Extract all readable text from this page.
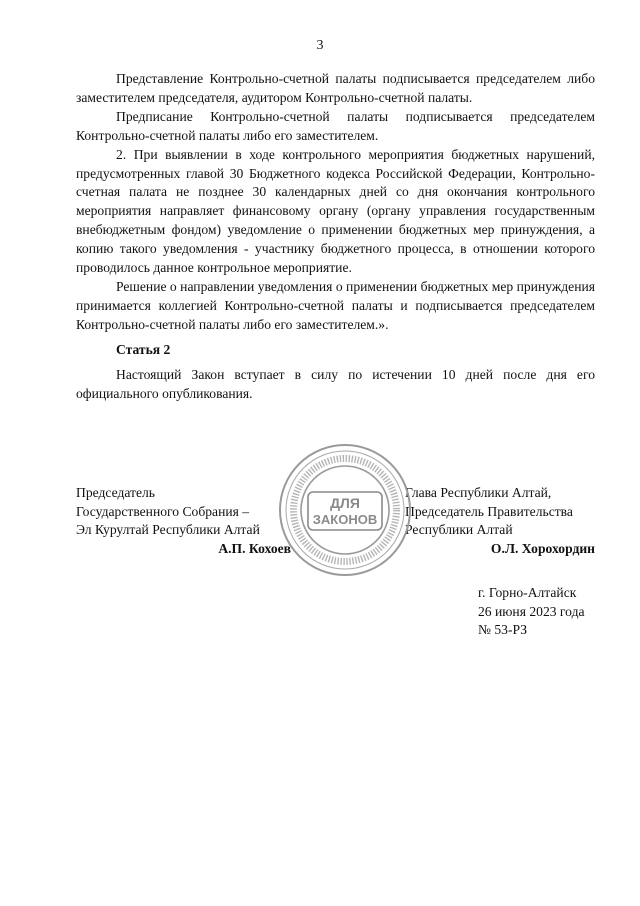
3

Представление Контрольно-счетной палаты подписывается председателем либо заместителем председателя, аудитором Контрольно-счетной палаты.

Предписание Контрольно-счетной палаты подписывается председателем Контрольно-счетной палаты либо его заместителем.

2. При выявлении в ходе контрольного мероприятия бюджетных нарушений, предусмотренных главой 30 Бюджетного кодекса Российской Федерации, Контрольно-счетная палата не позднее 30 календарных дней со дня окончания контрольного мероприятия направляет финансовому органу (органу управления государственным внебюджетным фондом) уведомление о применении бюджетных мер принуждения, а копию такого уведомления - участнику бюджетного процесса, в отношении которого проводилось данное контрольное мероприятие.

Решение о направлении уведомления о применении бюджетных мер принуждения принимается коллегией Контрольно-счетной палаты и подписывается председателем Контрольно-счетной палаты либо его заместителем.».

Статья 2

Настоящий Закон вступает в силу по истечении 10 дней после дня его официального опубликования.

Председатель
Государственного Собрания –
Эл Курултай Республики Алтай
А.П. Кохоев
Глава Республики Алтай,
Председатель Правительства
Республики Алтай
О.Л. Хорохордин
ДЛЯ
ЗАКОНОВ
г. Горно-Алтайск
26 июня 2023 года
№ 53-РЗ
